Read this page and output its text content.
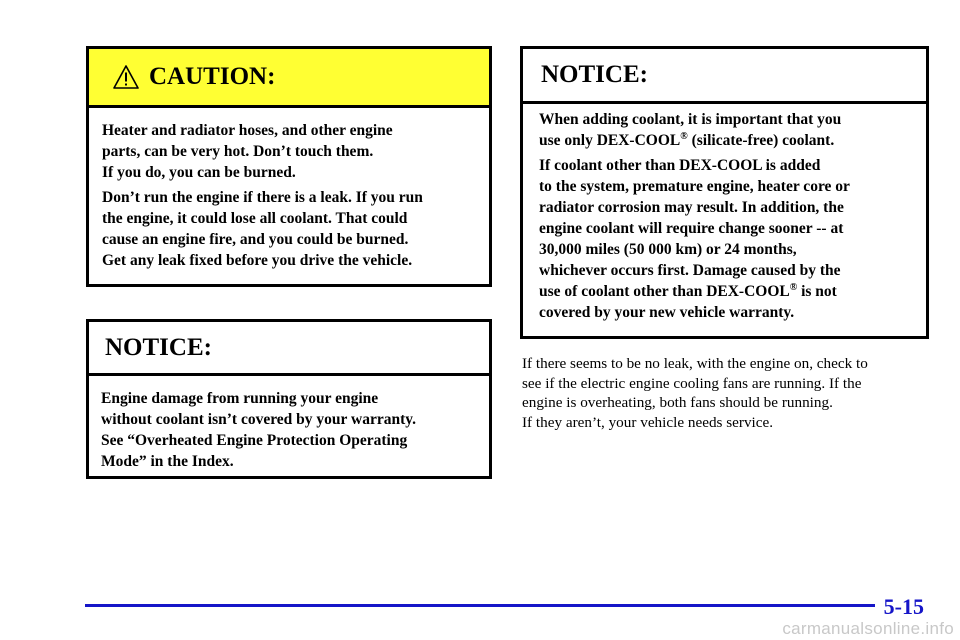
CAUTION:

Heater and radiator hoses, and other engine

parts, can be very hot. Don’t touch them.

If you do, you can be burned.

Don’t run the engine if there is a leak. If you run

the engine, it could lose all coolant. That could

cause an engine fire, and you could be burned.

Get any leak fixed before you drive the vehicle.

NOTICE:

Engine damage from running your engine

without coolant isn’t covered by your warranty.

See “Overheated Engine Protection Operating

Mode” in the Index.

NOTICE:

When adding coolant, it is important that you

use only DEX-COOL® (silicate-free) coolant.

If coolant other than DEX-COOL is added

to the system, premature engine, heater core or

radiator corrosion may result. In addition, the

engine coolant will require change sooner -- at

30,000 miles (50 000 km) or 24 months,

whichever occurs first. Damage caused by the

use of coolant other than DEX-COOL® is not

covered by your new vehicle warranty.

If there seems to be no leak, with the engine on, check to

see if the electric engine cooling fans are running. If the

engine is overheating, both fans should be running.

If they aren’t, your vehicle needs service.

5-15
carmanualsonline.info
